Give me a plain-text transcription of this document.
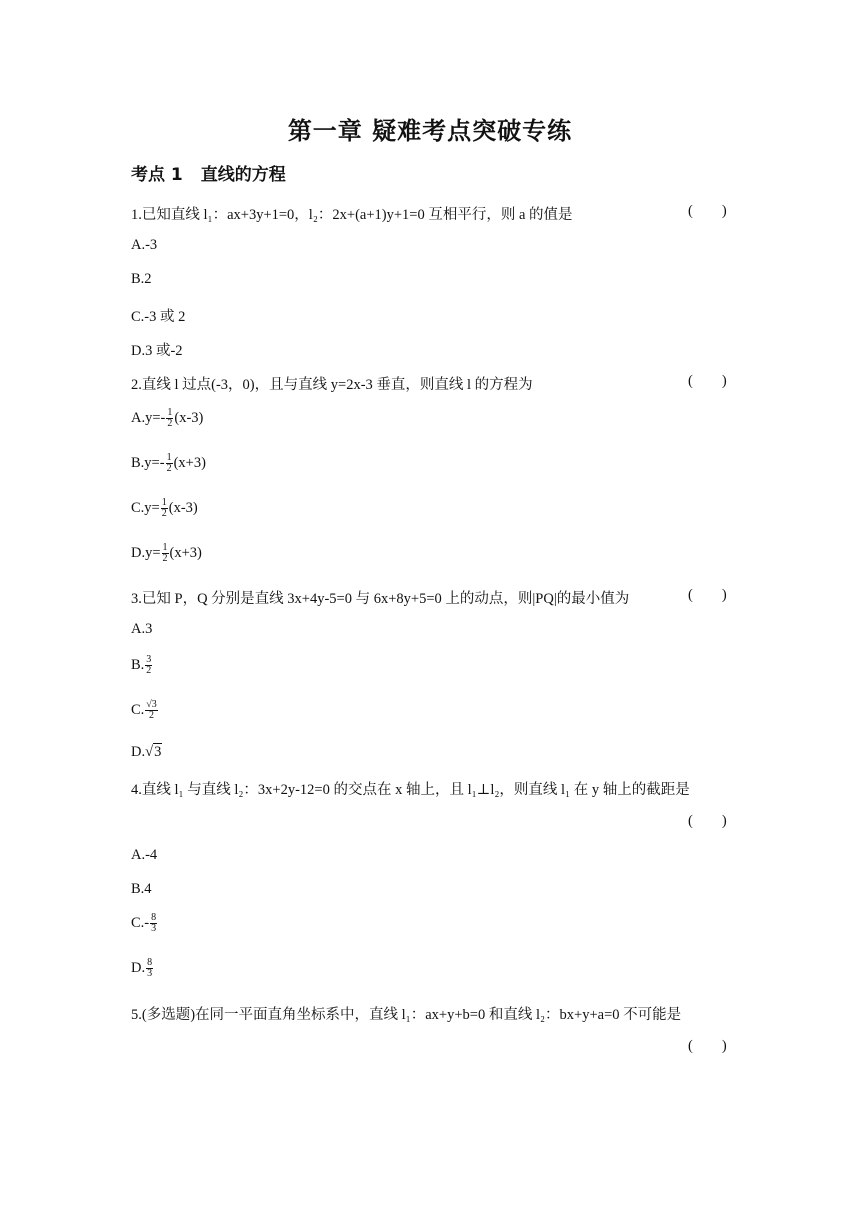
第一章 疑难考点突破专练
考点 1 直线的方程
1.已知直线 l₁：ax+3y+1=0，l₂：2x+(a+1)y+1=0 互相平行，则 a 的值是	(        )
A.-3
B.2
C.-3 或 2
D.3 或-2
2.直线 l 过点(-3，0)，且与直线 y=2x-3 垂直，则直线 l 的方程为	(        )
$A.y=- \frac{1}{2} (x-3)$
$B.y=- \frac{1}{2} (x+3)$
$C.y= \frac{1}{2} (x-3)$
$D.y= \frac{1}{2} (x+3)$
3.已知 P，Q 分别是直线 3x+4y-5=0 与 6x+8y+5=0 上的动点，则|PQ|的最小值为	(        )
A.3
B. $\frac{3}{2}$
C. $\frac{√3}{2}$
D.√3
4.直线 l₁ 与直线 l₂：3x+2y-12=0 的交点在 x 轴上，且 l₁⊥l₂，则直线 l₁ 在 y 轴上的截距是
(        )
A.-4
B.4
$C.- \frac{8}{3}$
D. $\frac{8}{3}$
5.(多选题)在同一平面直角坐标系中，直线 l₁：ax+y+b=0 和直线 l₂：bx+y+a=0 不可能是
(        )
